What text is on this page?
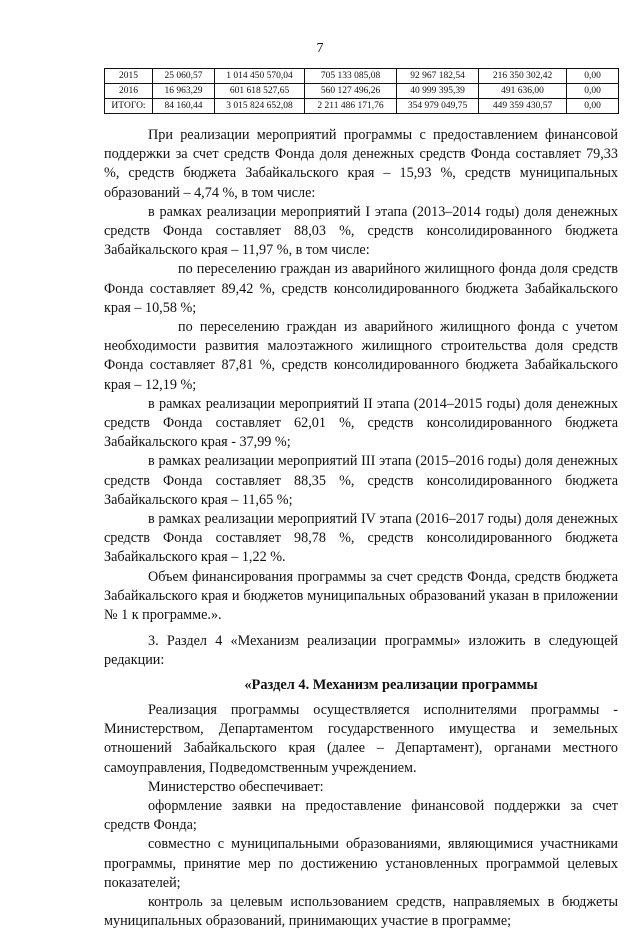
7
2015	25 060,57	1 014 450 570,04	705 133 085,08	92 967 182,54	216 350 302,42	0,00
2016	16 963,29	601 618 527,65	560 127 496,26	40 999 395,39	491 636,00	0,00
ИТОГО:	84 160,44	3 015 824 652,08	2 211 486 171,76	354 979 049,75	449 359 430,57	0,00

При реализации мероприятий программы с предоставлением финансовой поддержки за счет средств Фонда доля денежных средств Фонда составляет 79,33 %, средств бюджета Забайкальского края – 15,93 %, средств муниципальных образований – 4,74 %, в том числе:

в рамках реализации мероприятий I этапа (2013–2014 годы) доля денежных средств Фонда составляет 88,03 %, средств консолидированного бюджета Забайкальского края – 11,97 %, в том числе:

по переселению граждан из аварийного жилищного фонда доля средств Фонда составляет 89,42 %, средств консолидированного бюджета Забайкальского края – 10,58 %;

по переселению граждан из аварийного жилищного фонда с учетом необходимости развития малоэтажного жилищного строительства доля средств Фонда составляет 87,81 %, средств консолидированного бюджета Забайкальского края – 12,19 %;

в рамках реализации мероприятий II этапа (2014–2015 годы) доля денежных средств Фонда составляет 62,01 %, средств консолидированного бюджета Забайкальского края - 37,99 %;

в рамках реализации мероприятий III этапа (2015–2016 годы) доля денежных средств Фонда составляет 88,35 %, средств консолидированного бюджета Забайкальского края – 11,65 %;

в рамках реализации мероприятий IV этапа (2016–2017 годы) доля денежных средств Фонда составляет 98,78 %, средств консолидированного бюджета Забайкальского края – 1,22 %.

Объем финансирования программы за счет средств Фонда, средств бюджета Забайкальского края и бюджетов муниципальных образований указан в приложении № 1 к программе.».

3. Раздел 4 «Механизм реализации программы» изложить в следующей редакции:

«Раздел 4. Механизм реализации программы

Реализация программы осуществляется исполнителями программы - Министерством, Департаментом государственного имущества и земельных отношений Забайкальского края (далее – Департамент), органами местного самоуправления, Подведомственным учреждением.

Министерство обеспечивает:

оформление заявки на предоставление финансовой поддержки за счет средств Фонда;

совместно с муниципальными образованиями, являющимися участниками программы, принятие мер по достижению установленных программой целевых показателей;

контроль за целевым использованием средств, направляемых в бюджеты муниципальных образований, принимающих участие в программе;
